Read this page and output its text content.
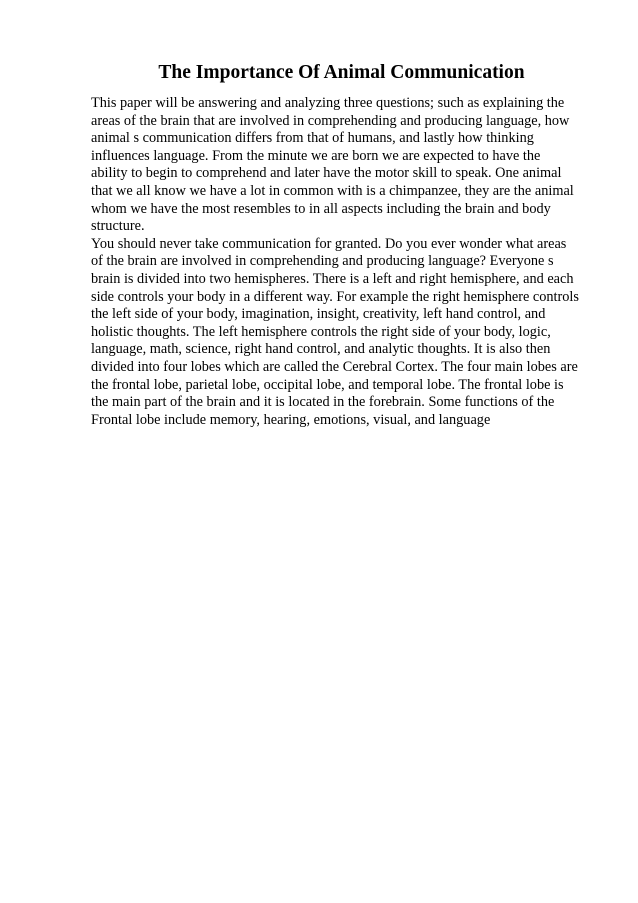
The Importance Of Animal Communication
This paper will be answering and analyzing three questions; such as explaining the
areas of the brain that are involved in comprehending and producing language, how
animal s communication differs from that of humans, and lastly how thinking
influences language. From the minute we are born we are expected to have the
ability to begin to comprehend and later have the motor skill to speak. One animal
that we all know we have a lot in common with is a chimpanzee, they are the animal
whom we have the most resembles to in all aspects including the brain and body
structure.
You should never take communication for granted. Do you ever wonder what areas
of the brain are involved in comprehending and producing language? Everyone s
brain is divided into two hemispheres. There is a left and right hemisphere, and each
side controls your body in a different way. For example the right hemisphere controls
the left side of your body, imagination, insight, creativity, left hand control, and
holistic thoughts. The left hemisphere controls the right side of your body, logic,
language, math, science, right hand control, and analytic thoughts. It is also then
divided into four lobes which are called the Cerebral Cortex. The four main lobes are
the frontal lobe, parietal lobe, occipital lobe, and temporal lobe. The frontal lobe is
the main part of the brain and it is located in the forebrain. Some functions of the
Frontal lobe include memory, hearing, emotions, visual, and language
